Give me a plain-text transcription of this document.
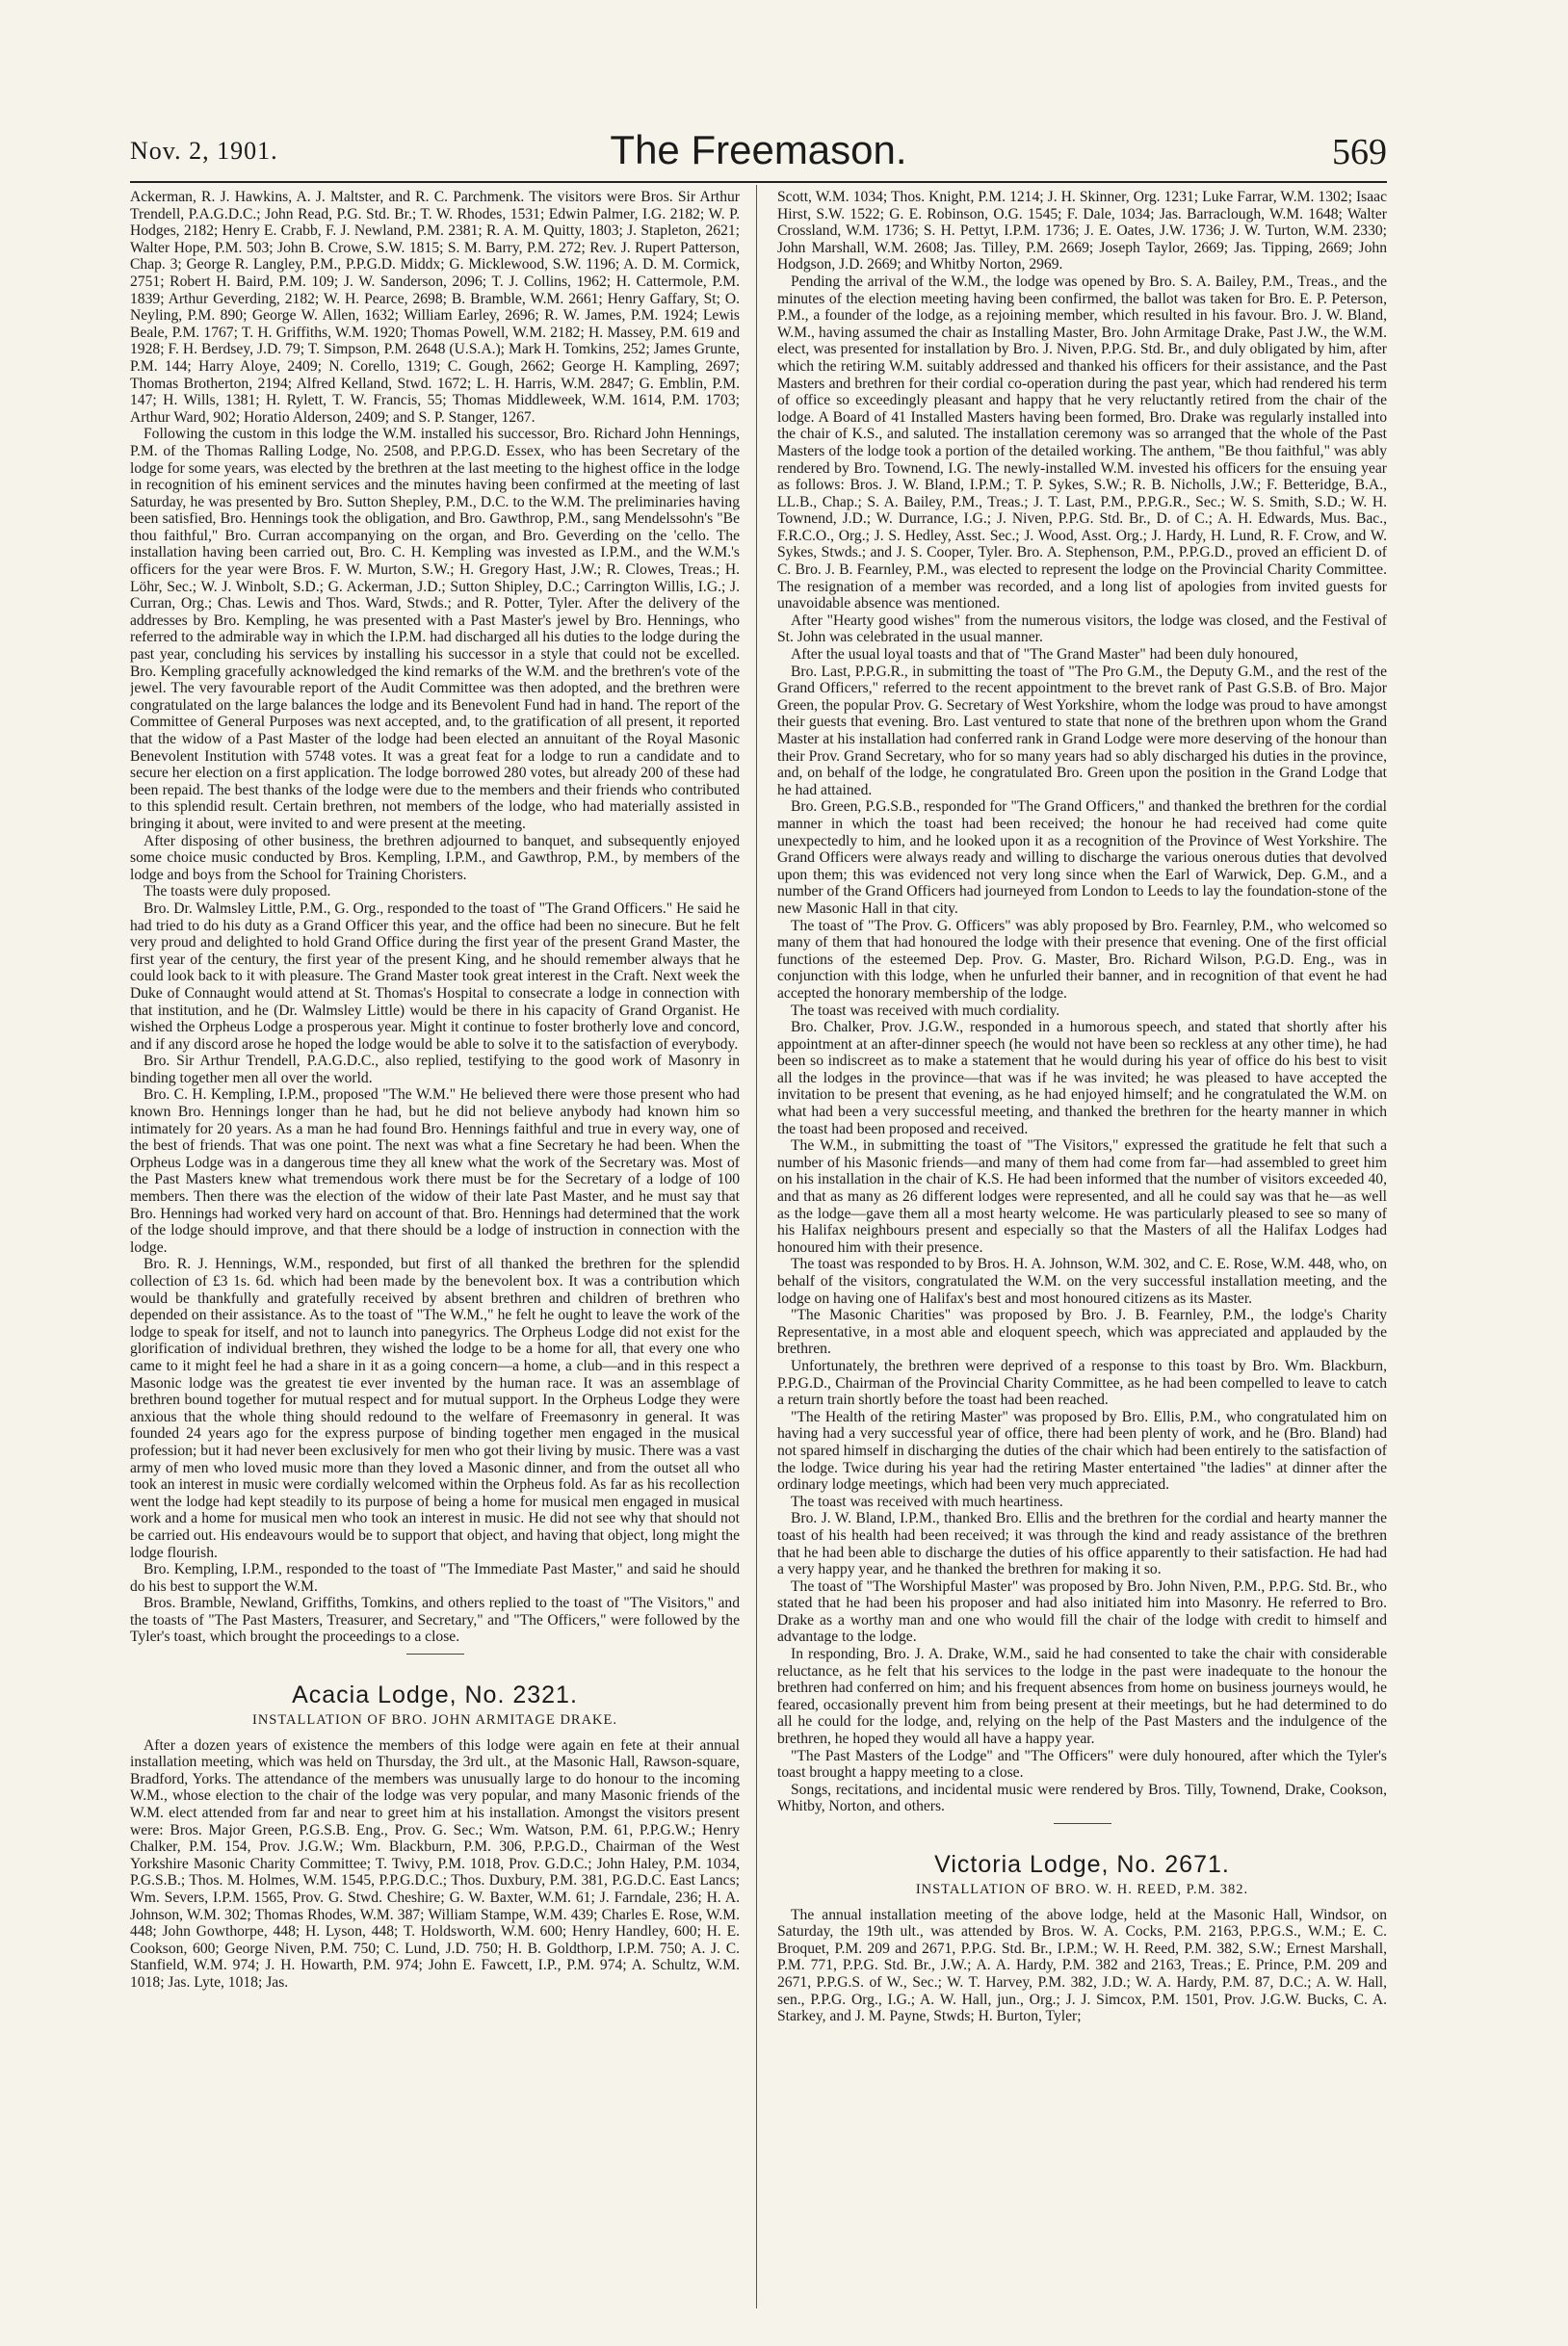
Nov. 2, 1901.	The Freemason.	569

Ackerman, R. J. Hawkins, A. J. Maltster, and R. C. Parchmenk. The visitors were Bros. Sir Arthur Trendell, P.A.G.D.C.; John Read, P.G. Std. Br.; T. W. Rhodes, 1531; Edwin Palmer, I.G. 2182; W. P. Hodges, 2182; Henry E. Crabb, F. J. Newland, P.M. 2381; R. A. M. Quitty, 1803; J. Stapleton, 2621; Walter Hope, P.M. 503; John B. Crowe, S.W. 1815; S. M. Barry, P.M. 272; Rev. J. Rupert Patterson, Chap. 3; George R. Langley, P.M., P.P.G.D. Middx; G. Micklewood, S.W. 1196; A. D. M. Cormick, 2751; Robert H. Baird, P.M. 109; J. W. Sanderson, 2096; T. J. Collins, 1962; H. Cattermole, P.M. 1839; Arthur Geverding, 2182; W. H. Pearce, 2698; B. Bramble, W.M. 2661; Henry Gaffary, St; O. Neyling, P.M. 890; George W. Allen, 1632; William Earley, 2696; R. W. James, P.M. 1924; Lewis Beale, P.M. 1767; T. H. Griffiths, W.M. 1920; Thomas Powell, W.M. 2182; H. Massey, P.M. 619 and 1928; F. H. Berdsey, J.D. 79; T. Simpson, P.M. 2648 (U.S.A.); Mark H. Tomkins, 252; James Grunte, P.M. 144; Harry Aloye, 2409; N. Corello, 1319; C. Gough, 2662; George H. Kampling, 2697; Thomas Brotherton, 2194; Alfred Kelland, Stwd. 1672; L. H. Harris, W.M. 2847; G. Emblin, P.M. 147; H. Wills, 1381; H. Rylett, T. W. Francis, 55; Thomas Middleweek, W.M. 1614, P.M. 1703; Arthur Ward, 902; Horatio Alderson, 2409; and S. P. Stanger, 1267.

Following the custom in this lodge the W.M. installed his successor, Bro. Richard John Hennings, P.M. of the Thomas Ralling Lodge, No. 2508, and P.P.G.D. Essex, who has been Secretary of the lodge for some years, was elected by the brethren at the last meeting to the highest office in the lodge in recognition of his eminent services and the minutes having been confirmed at the meeting of last Saturday, he was presented by Bro. Sutton Shepley, P.M., D.C. to the W.M. The preliminaries having been satisfied, Bro. Hennings took the obligation, and Bro. Gawthrop, P.M., sang Mendelssohn's "Be thou faithful," Bro. Curran accompanying on the organ, and Bro. Geverding on the 'cello. The installation having been carried out, Bro. C. H. Kempling was invested as I.P.M., and the W.M.'s officers for the year were Bros. F. W. Murton, S.W.; H. Gregory Hast, J.W.; R. Clowes, Treas.; H. Löhr, Sec.; W. J. Winbolt, S.D.; G. Ackerman, J.D.; Sutton Shipley, D.C.; Carrington Willis, I.G.; J. Curran, Org.; Chas. Lewis and Thos. Ward, Stwds.; and R. Potter, Tyler. After the delivery of the addresses by Bro. Kempling, he was presented with a Past Master's jewel by Bro. Hennings, who referred to the admirable way in which the I.P.M. had discharged all his duties to the lodge during the past year, concluding his services by installing his successor in a style that could not be excelled. Bro. Kempling gracefully acknowledged the kind remarks of the W.M. and the brethren's vote of the jewel. The very favourable report of the Audit Committee was then adopted, and the brethren were congratulated on the large balances the lodge and its Benevolent Fund had in hand. The report of the Committee of General Purposes was next accepted, and, to the gratification of all present, it reported that the widow of a Past Master of the lodge had been elected an annuitant of the Royal Masonic Benevolent Institution with 5748 votes. It was a great feat for a lodge to run a candidate and to secure her election on a first application. The lodge borrowed 280 votes, but already 200 of these had been repaid. The best thanks of the lodge were due to the members and their friends who contributed to this splendid result. Certain brethren, not members of the lodge, who had materially assisted in bringing it about, were invited to and were present at the meeting.

After disposing of other business, the brethren adjourned to banquet, and subsequently enjoyed some choice music conducted by Bros. Kempling, I.P.M., and Gawthrop, P.M., by members of the lodge and boys from the School for Training Choristers.

The toasts were duly proposed.

Bro. Dr. Walmsley Little, P.M., G. Org., responded to the toast of "The Grand Officers." He said he had tried to do his duty as a Grand Officer this year, and the office had been no sinecure. But he felt very proud and delighted to hold Grand Office during the first year of the present Grand Master, the first year of the century, the first year of the present King, and he should remember always that he could look back to it with pleasure. The Grand Master took great interest in the Craft. Next week the Duke of Connaught would attend at St. Thomas's Hospital to consecrate a lodge in connection with that institution, and he (Dr. Walmsley Little) would be there in his capacity of Grand Organist. He wished the Orpheus Lodge a prosperous year. Might it continue to foster brotherly love and concord, and if any discord arose he hoped the lodge would be able to solve it to the satisfaction of everybody.

Bro. Sir Arthur Trendell, P.A.G.D.C., also replied, testifying to the good work of Masonry in binding together men all over the world.

Bro. C. H. Kempling, I.P.M., proposed "The W.M." He believed there were those present who had known Bro. Hennings longer than he had, but he did not believe anybody had known him so intimately for 20 years. As a man he had found Bro. Hennings faithful and true in every way, one of the best of friends. That was one point. The next was what a fine Secretary he had been. When the Orpheus Lodge was in a dangerous time they all knew what the work of the Secretary was. Most of the Past Masters knew what tremendous work there must be for the Secretary of a lodge of 100 members. Then there was the election of the widow of their late Past Master, and he must say that Bro. Hennings had worked very hard on account of that. Bro. Hennings had determined that the work of the lodge should improve, and that there should be a lodge of instruction in connection with the lodge.

Bro. R. J. Hennings, W.M., responded, but first of all thanked the brethren for the splendid collection of £3 1s. 6d. which had been made by the benevolent box. It was a contribution which would be thankfully and gratefully received by absent brethren and children of brethren who depended on their assistance. As to the toast of "The W.M.," he felt he ought to leave the work of the lodge to speak for itself, and not to launch into panegyrics. The Orpheus Lodge did not exist for the glorification of individual brethren, they wished the lodge to be a home for all, that every one who came to it might feel he had a share in it as a going concern—a home, a club—and in this respect a Masonic lodge was the greatest tie ever invented by the human race. It was an assemblage of brethren bound together for mutual respect and for mutual support. In the Orpheus Lodge they were anxious that the whole thing should redound to the welfare of Freemasonry in general. It was founded 24 years ago for the express purpose of binding together men engaged in the musical profession; but it had never been exclusively for men who got their living by music. There was a vast army of men who loved music more than they loved a Masonic dinner, and from the outset all who took an interest in music were cordially welcomed within the Orpheus fold. As far as his recollection went the lodge had kept steadily to its purpose of being a home for musical men engaged in musical work and a home for musical men who took an interest in music. He did not see why that should not be carried out. His endeavours would be to support that object, and having that object, long might the lodge flourish.

Bro. Kempling, I.P.M., responded to the toast of "The Immediate Past Master," and said he should do his best to support the W.M.

Bros. Bramble, Newland, Griffiths, Tomkins, and others replied to the toast of "The Visitors," and the toasts of "The Past Masters, Treasurer, and Secretary," and "The Officers," were followed by the Tyler's toast, which brought the proceedings to a close.

Acacia Lodge, No. 2321.
INSTALLATION OF BRO. JOHN ARMITAGE DRAKE.

After a dozen years of existence the members of this lodge were again en fete at their annual installation meeting, which was held on Thursday, the 3rd ult., at the Masonic Hall, Rawson-square, Bradford, Yorks. The attendance of the members was unusually large to do honour to the incoming W.M., whose election to the chair of the lodge was very popular, and many Masonic friends of the W.M. elect attended from far and near to greet him at his installation. Amongst the visitors present were: Bros. Major Green, P.G.S.B. Eng., Prov. G. Sec.; Wm. Watson, P.M. 61, P.P.G.W.; Henry Chalker, P.M. 154, Prov. J.G.W.; Wm. Blackburn, P.M. 306, P.P.G.D., Chairman of the West Yorkshire Masonic Charity Committee; T. Twivy, P.M. 1018, Prov. G.D.C.; John Haley, P.M. 1034, P.G.S.B.; Thos. M. Holmes, W.M. 1545, P.P.G.D.C.; Thos. Duxbury, P.M. 381, P.G.D.C. East Lancs; Wm. Severs, I.P.M. 1565, Prov. G. Stwd. Cheshire; G. W. Baxter, W.M. 61; J. Farndale, 236; H. A. Johnson, W.M. 302; Thomas Rhodes, W.M. 387; William Stampe, W.M. 439; Charles E. Rose, W.M. 448; John Gowthorpe, 448; H. Lyson, 448; T. Holdsworth, W.M. 600; Henry Handley, 600; H. E. Cookson, 600; George Niven, P.M. 750; C. Lund, J.D. 750; H. B. Goldthorp, I.P.M. 750; A. J. C. Stanfield, W.M. 974; J. H. Howarth, P.M. 974; John E. Fawcett, I.P., P.M. 974; A. Schultz, W.M. 1018; Jas. Lyte, 1018; Jas.

Scott, W.M. 1034; Thos. Knight, P.M. 1214; J. H. Skinner, Org. 1231; Luke Farrar, W.M. 1302; Isaac Hirst, S.W. 1522; G. E. Robinson, O.G. 1545; F. Dale, 1034; Jas. Barraclough, W.M. 1648; Walter Crossland, W.M. 1736; S. H. Pettyt, I.P.M. 1736; J. E. Oates, J.W. 1736; J. W. Turton, W.M. 2330; John Marshall, W.M. 2608; Jas. Tilley, P.M. 2669; Joseph Taylor, 2669; Jas. Tipping, 2669; John Hodgson, J.D. 2669; and Whitby Norton, 2969.

Pending the arrival of the W.M., the lodge was opened by Bro. S. A. Bailey, P.M., Treas., and the minutes of the election meeting having been confirmed, the ballot was taken for Bro. E. P. Peterson, P.M., a founder of the lodge, as a rejoining member, which resulted in his favour. Bro. J. W. Bland, W.M., having assumed the chair as Installing Master, Bro. John Armitage Drake, Past J.W., the W.M. elect, was presented for installation by Bro. J. Niven, P.P.G. Std. Br., and duly obligated by him, after which the retiring W.M. suitably addressed and thanked his officers for their assistance, and the Past Masters and brethren for their cordial co-operation during the past year, which had rendered his term of office so exceedingly pleasant and happy that he very reluctantly retired from the chair of the lodge. A Board of 41 Installed Masters having been formed, Bro. Drake was regularly installed into the chair of K.S., and saluted. The installation ceremony was so arranged that the whole of the Past Masters of the lodge took a portion of the detailed working. The anthem, "Be thou faithful," was ably rendered by Bro. Townend, I.G. The newly-installed W.M. invested his officers for the ensuing year as follows: Bros. J. W. Bland, I.P.M.; T. P. Sykes, S.W.; R. B. Nicholls, J.W.; F. Betteridge, B.A., LL.B., Chap.; S. A. Bailey, P.M., Treas.; J. T. Last, P.M., P.P.G.R., Sec.; W. S. Smith, S.D.; W. H. Townend, J.D.; W. Durrance, I.G.; J. Niven, P.P.G. Std. Br., D. of C.; A. H. Edwards, Mus. Bac., F.R.C.O., Org.; J. S. Hedley, Asst. Sec.; J. Wood, Asst. Org.; J. Hardy, H. Lund, R. F. Crow, and W. Sykes, Stwds.; and J. S. Cooper, Tyler. Bro. A. Stephenson, P.M., P.P.G.D., proved an efficient D. of C. Bro. J. B. Fearnley, P.M., was elected to represent the lodge on the Provincial Charity Committee. The resignation of a member was recorded, and a long list of apologies from invited guests for unavoidable absence was mentioned.

After "Hearty good wishes" from the numerous visitors, the lodge was closed, and the Festival of St. John was celebrated in the usual manner.

After the usual loyal toasts and that of "The Grand Master" had been duly honoured,

Bro. Last, P.P.G.R., in submitting the toast of "The Pro G.M., the Deputy G.M., and the rest of the Grand Officers," referred to the recent appointment to the brevet rank of Past G.S.B. of Bro. Major Green, the popular Prov. G. Secretary of West Yorkshire, whom the lodge was proud to have amongst their guests that evening. Bro. Last ventured to state that none of the brethren upon whom the Grand Master at his installation had conferred rank in Grand Lodge were more deserving of the honour than their Prov. Grand Secretary, who for so many years had so ably discharged his duties in the province, and, on behalf of the lodge, he congratulated Bro. Green upon the position in the Grand Lodge that he had attained.

Bro. Green, P.G.S.B., responded for "The Grand Officers," and thanked the brethren for the cordial manner in which the toast had been received; the honour he had received had come quite unexpectedly to him, and he looked upon it as a recognition of the Province of West Yorkshire. The Grand Officers were always ready and willing to discharge the various onerous duties that devolved upon them; this was evidenced not very long since when the Earl of Warwick, Dep. G.M., and a number of the Grand Officers had journeyed from London to Leeds to lay the foundation-stone of the new Masonic Hall in that city.

The toast of "The Prov. G. Officers" was ably proposed by Bro. Fearnley, P.M., who welcomed so many of them that had honoured the lodge with their presence that evening. One of the first official functions of the esteemed Dep. Prov. G. Master, Bro. Richard Wilson, P.G.D. Eng., was in conjunction with this lodge, when he unfurled their banner, and in recognition of that event he had accepted the honorary membership of the lodge.

The toast was received with much cordiality.

Bro. Chalker, Prov. J.G.W., responded in a humorous speech, and stated that shortly after his appointment at an after-dinner speech (he would not have been so reckless at any other time), he had been so indiscreet as to make a statement that he would during his year of office do his best to visit all the lodges in the province—that was if he was invited; he was pleased to have accepted the invitation to be present that evening, as he had enjoyed himself; and he congratulated the W.M. on what had been a very successful meeting, and thanked the brethren for the hearty manner in which the toast had been proposed and received.

The W.M., in submitting the toast of "The Visitors," expressed the gratitude he felt that such a number of his Masonic friends—and many of them had come from far—had assembled to greet him on his installation in the chair of K.S. He had been informed that the number of visitors exceeded 40, and that as many as 26 different lodges were represented, and all he could say was that he—as well as the lodge—gave them all a most hearty welcome. He was particularly pleased to see so many of his Halifax neighbours present and especially so that the Masters of all the Halifax Lodges had honoured him with their presence.

The toast was responded to by Bros. H. A. Johnson, W.M. 302, and C. E. Rose, W.M. 448, who, on behalf of the visitors, congratulated the W.M. on the very successful installation meeting, and the lodge on having one of Halifax's best and most honoured citizens as its Master.

"The Masonic Charities" was proposed by Bro. J. B. Fearnley, P.M., the lodge's Charity Representative, in a most able and eloquent speech, which was appreciated and applauded by the brethren.

Unfortunately, the brethren were deprived of a response to this toast by Bro. Wm. Blackburn, P.P.G.D., Chairman of the Provincial Charity Committee, as he had been compelled to leave to catch a return train shortly before the toast had been reached.

"The Health of the retiring Master" was proposed by Bro. Ellis, P.M., who congratulated him on having had a very successful year of office, there had been plenty of work, and he (Bro. Bland) had not spared himself in discharging the duties of the chair which had been entirely to the satisfaction of the lodge. Twice during his year had the retiring Master entertained "the ladies" at dinner after the ordinary lodge meetings, which had been very much appreciated.

The toast was received with much heartiness.

Bro. J. W. Bland, I.P.M., thanked Bro. Ellis and the brethren for the cordial and hearty manner the toast of his health had been received; it was through the kind and ready assistance of the brethren that he had been able to discharge the duties of his office apparently to their satisfaction. He had had a very happy year, and he thanked the brethren for making it so.

The toast of "The Worshipful Master" was proposed by Bro. John Niven, P.M., P.P.G. Std. Br., who stated that he had been his proposer and had also initiated him into Masonry. He referred to Bro. Drake as a worthy man and one who would fill the chair of the lodge with credit to himself and advantage to the lodge.

In responding, Bro. J. A. Drake, W.M., said he had consented to take the chair with considerable reluctance, as he felt that his services to the lodge in the past were inadequate to the honour the brethren had conferred on him; and his frequent absences from home on business journeys would, he feared, occasionally prevent him from being present at their meetings, but he had determined to do all he could for the lodge, and, relying on the help of the Past Masters and the indulgence of the brethren, he hoped they would all have a happy year.

"The Past Masters of the Lodge" and "The Officers" were duly honoured, after which the Tyler's toast brought a happy meeting to a close.

Songs, recitations, and incidental music were rendered by Bros. Tilly, Townend, Drake, Cookson, Whitby, Norton, and others.

Victoria Lodge, No. 2671.
INSTALLATION OF BRO. W. H. REED, P.M. 382.

The annual installation meeting of the above lodge, held at the Masonic Hall, Windsor, on Saturday, the 19th ult., was attended by Bros. W. A. Cocks, P.M. 2163, P.P.G.S., W.M.; E. C. Broquet, P.M. 209 and 2671, P.P.G. Std. Br., I.P.M.; W. H. Reed, P.M. 382, S.W.; Ernest Marshall, P.M. 771, P.P.G. Std. Br., J.W.; A. A. Hardy, P.M. 382 and 2163, Treas.; E. Prince, P.M. 209 and 2671, P.P.G.S. of W., Sec.; W. T. Harvey, P.M. 382, J.D.; W. A. Hardy, P.M. 87, D.C.; A. W. Hall, sen., P.P.G. Org., I.G.; A. W. Hall, jun., Org.; J. J. Simcox, P.M. 1501, Prov. J.G.W. Bucks, C. A. Starkey, and J. M. Payne, Stwds; H. Burton, Tyler;
